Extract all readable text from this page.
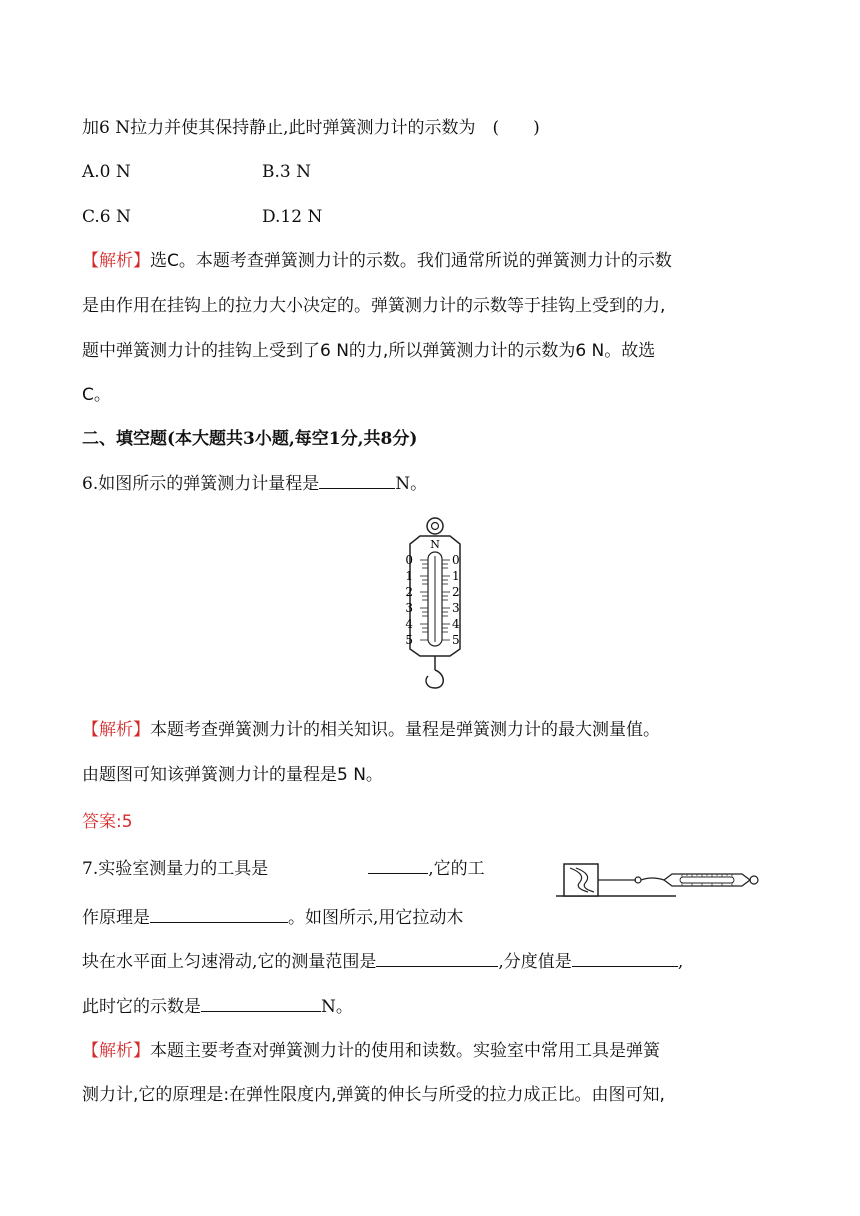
加6 N拉力并使其保持静止,此时弹簧测力计的示数为　(　　)
A.0 N	B.3 N
C.6 N	D.12 N
【解析】选C。本题考查弹簧测力计的示数。我们通常所说的弹簧测力计的示数
是由作用在挂钩上的拉力大小决定的。弹簧测力计的示数等于挂钩上受到的力,
题中弹簧测力计的挂钩上受到了6 N的力,所以弹簧测力计的示数为6 N。故选
C。
二、填空题(本大题共3小题,每空1分,共8分)
6.如图所示的弹簧测力计量程是	N。
N
0
1
2
3
4
5
0
1
2
3
4
5
【解析】本题考查弹簧测力计的相关知识。量程是弹簧测力计的最大测量值。
由题图可知该弹簧测力计的量程是5 N。
答案:5
7.实验室测量力的工具是	,它的工
作原理是	。如图所示,用它拉动木
块在水平面上匀速滑动,它的测量范围是	,分度值是	,
此时它的示数是	N。
【解析】本题主要考查对弹簧测力计的使用和读数。实验室中常用工具是弹簧
测力计,它的原理是:在弹性限度内,弹簧的伸长与所受的拉力成正比。由图可知,
